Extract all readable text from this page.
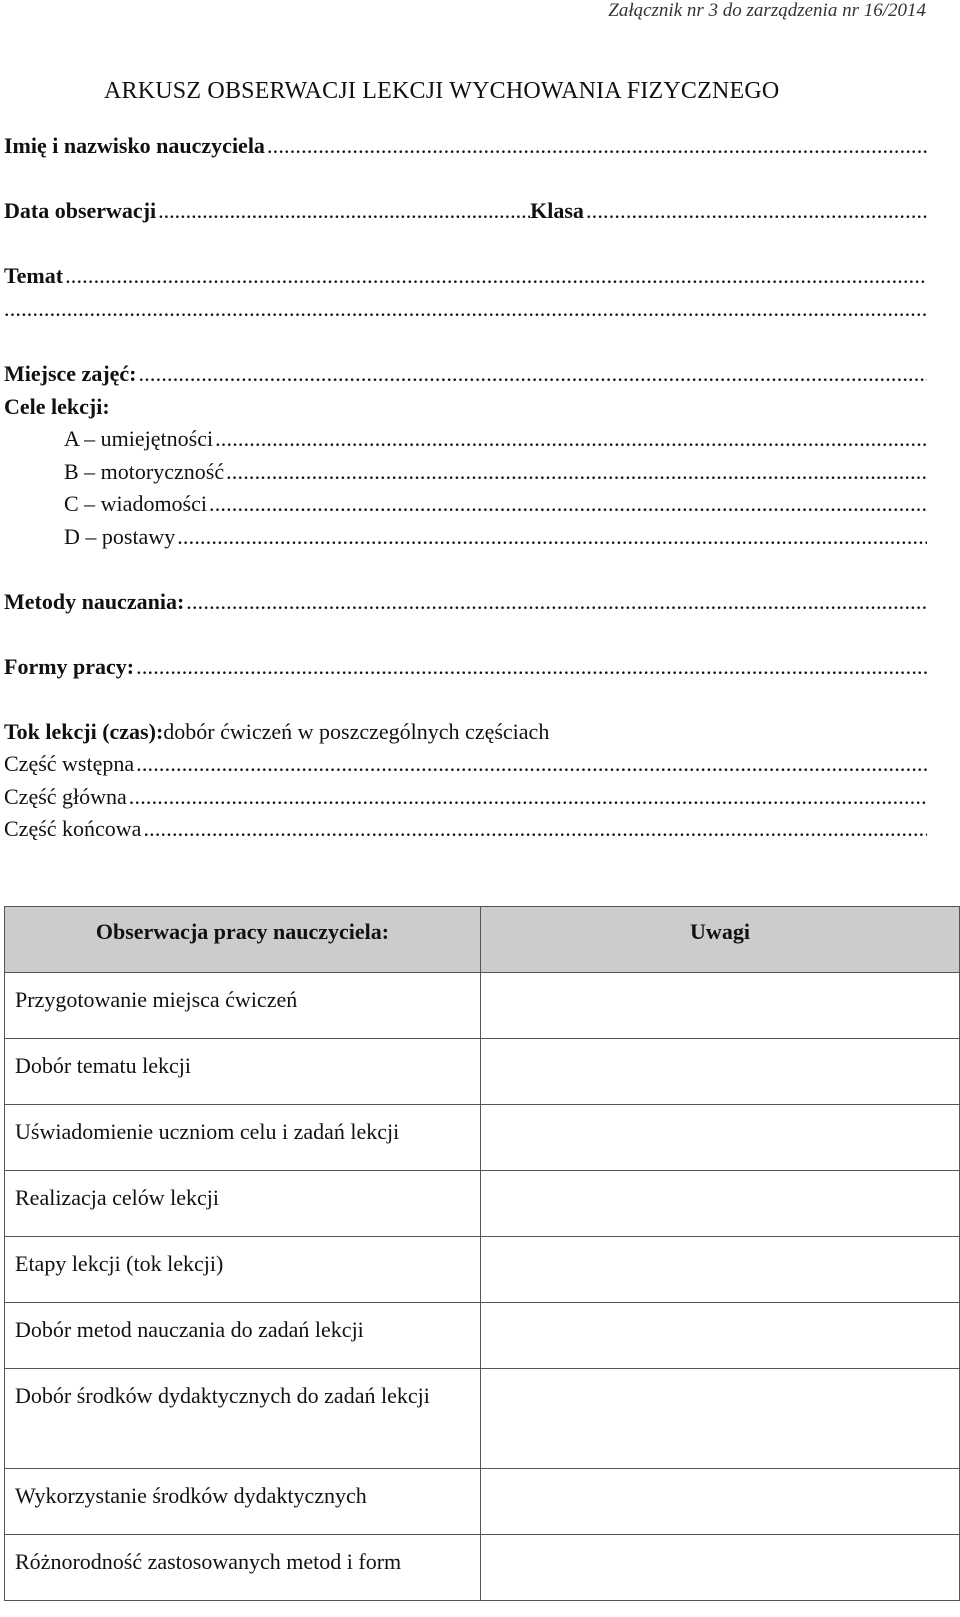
Załącznik nr 3 do zarządzenia nr 16/2014
ARKUSZ OBSERWACJI LEKCJI WYCHOWANIA FIZYCZNEGO
Imię i nazwisko nauczyciela
.....
Data obserwacji .....	Klasa
.....
Temat
.....
.....
Miejsce zajęć:
.....
Cele lekcji:
A – umiejętności
.....
B – motoryczność
.....
C – wiadomości
.....
D – postawy
.....
Metody nauczania:
.....
Formy pracy:
.....
Tok lekcji (czas): dobór ćwiczeń w poszczególnych częściach
Część wstępna
.....
Część główna
.....
Część końcowa
.....
Obserwacja pracy nauczyciela:	Uwagi
Przygotowanie miejsca ćwiczeń	
Dobór tematu lekcji	
Uświadomienie uczniom celu i zadań lekcji	
Realizacja celów lekcji	
Etapy lekcji (tok lekcji)	
Dobór metod nauczania do zadań lekcji	
Dobór środków dydaktycznych do zadań lekcji	
Wykorzystanie środków dydaktycznych	
Różnorodność zastosowanych metod i form	
